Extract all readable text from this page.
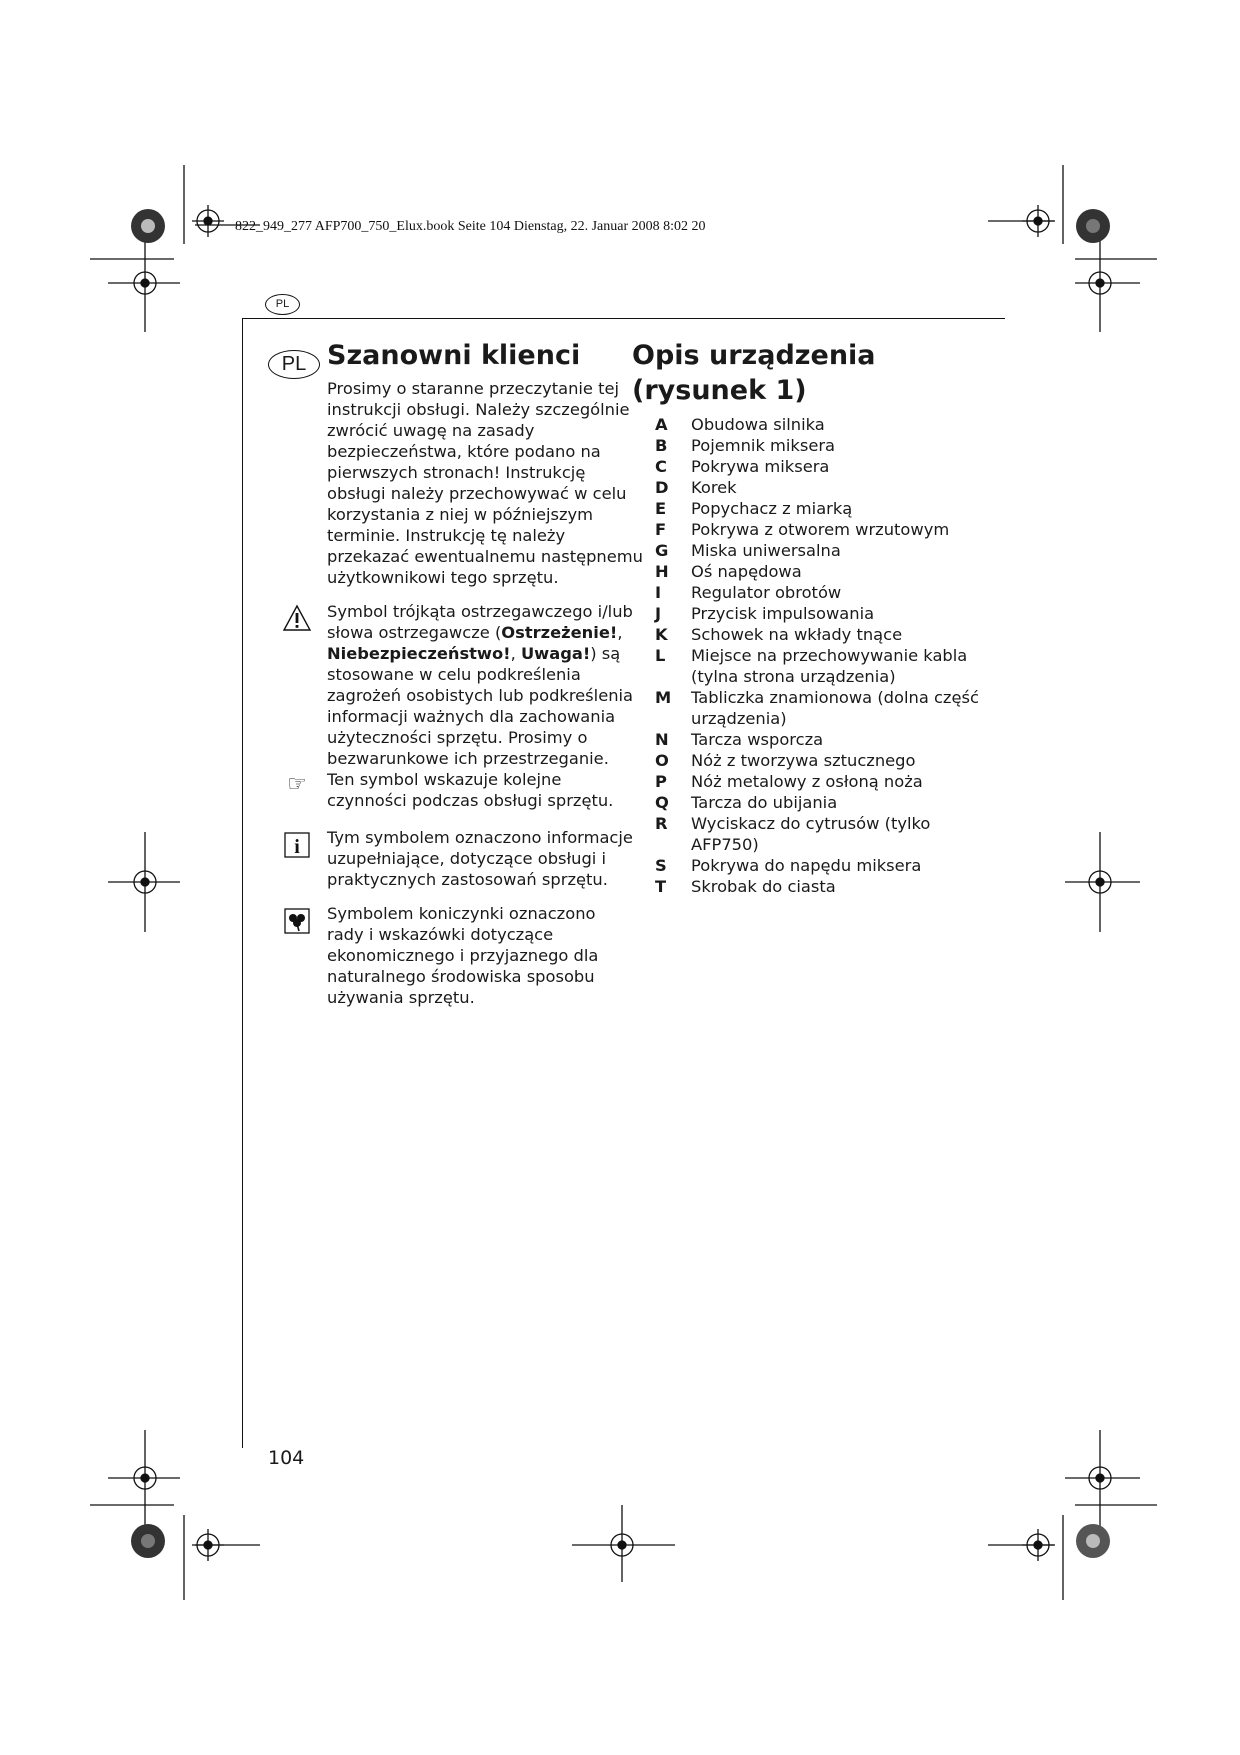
822_949_277 AFP700_750_Elux.book Seite 104 Dienstag, 22. Januar 2008 8:02 20
PL
PL Szanowni klienci
Prosimy o staranne przeczytanie tej
instrukcji obsługi. Należy szczególnie
zwrócić uwagę na zasady
bezpieczeństwa, które podano na
pierwszych stronach! Instrukcję
obsługi należy przechowywać w celu
korzystania z niej w późniejszym
terminie. Instrukcję tę należy
przekazać ewentualnemu następnemu
użytkownikowi tego sprzętu.
Symbol trójkąta ostrzegawczego i/lub
słowa ostrzegawcze (Ostrzeżenie!,
Niebezpieczeństwo!, Uwaga!) są
stosowane w celu podkreślenia
zagrożeń osobistych lub podkreślenia
informacji ważnych dla zachowania
użyteczności sprzętu. Prosimy o
bezwarunkowe ich przestrzeganie.
☞	Ten symbol wskazuje kolejne
czynności podczas obsługi sprzętu.
i Tym symbolem oznaczono informacje
uzupełniające, dotyczące obsługi i
praktycznych zastosowań sprzętu.
Symbolem koniczynki oznaczono
rady i wskazówki dotyczące
ekonomicznego i przyjaznego dla
naturalnego środowiska sposobu
używania sprzętu.
Opis urządzenia
(rysunek 1)
A	Obudowa silnika
B	Pojemnik miksera
C	Pokrywa miksera
D	Korek
E	Popychacz z miarką
F	Pokrywa z otworem wrzutowym
G	Miska uniwersalna
H	Oś napędowa
I	Regulator obrotów
J	Przycisk impulsowania
K	Schowek na wkłady tnące
L	Miejsce na przechowywanie kabla
(tylna strona urządzenia)
M	Tabliczka znamionowa (dolna część
urządzenia)
N	Tarcza wsporcza
O	Nóż z tworzywa sztucznego
P	Nóż metalowy z osłoną noża
Q	Tarcza do ubijania
R	Wyciskacz do cytrusów (tylko
AFP750)
S	Pokrywa do napędu miksera
T	Skrobak do ciasta
104
